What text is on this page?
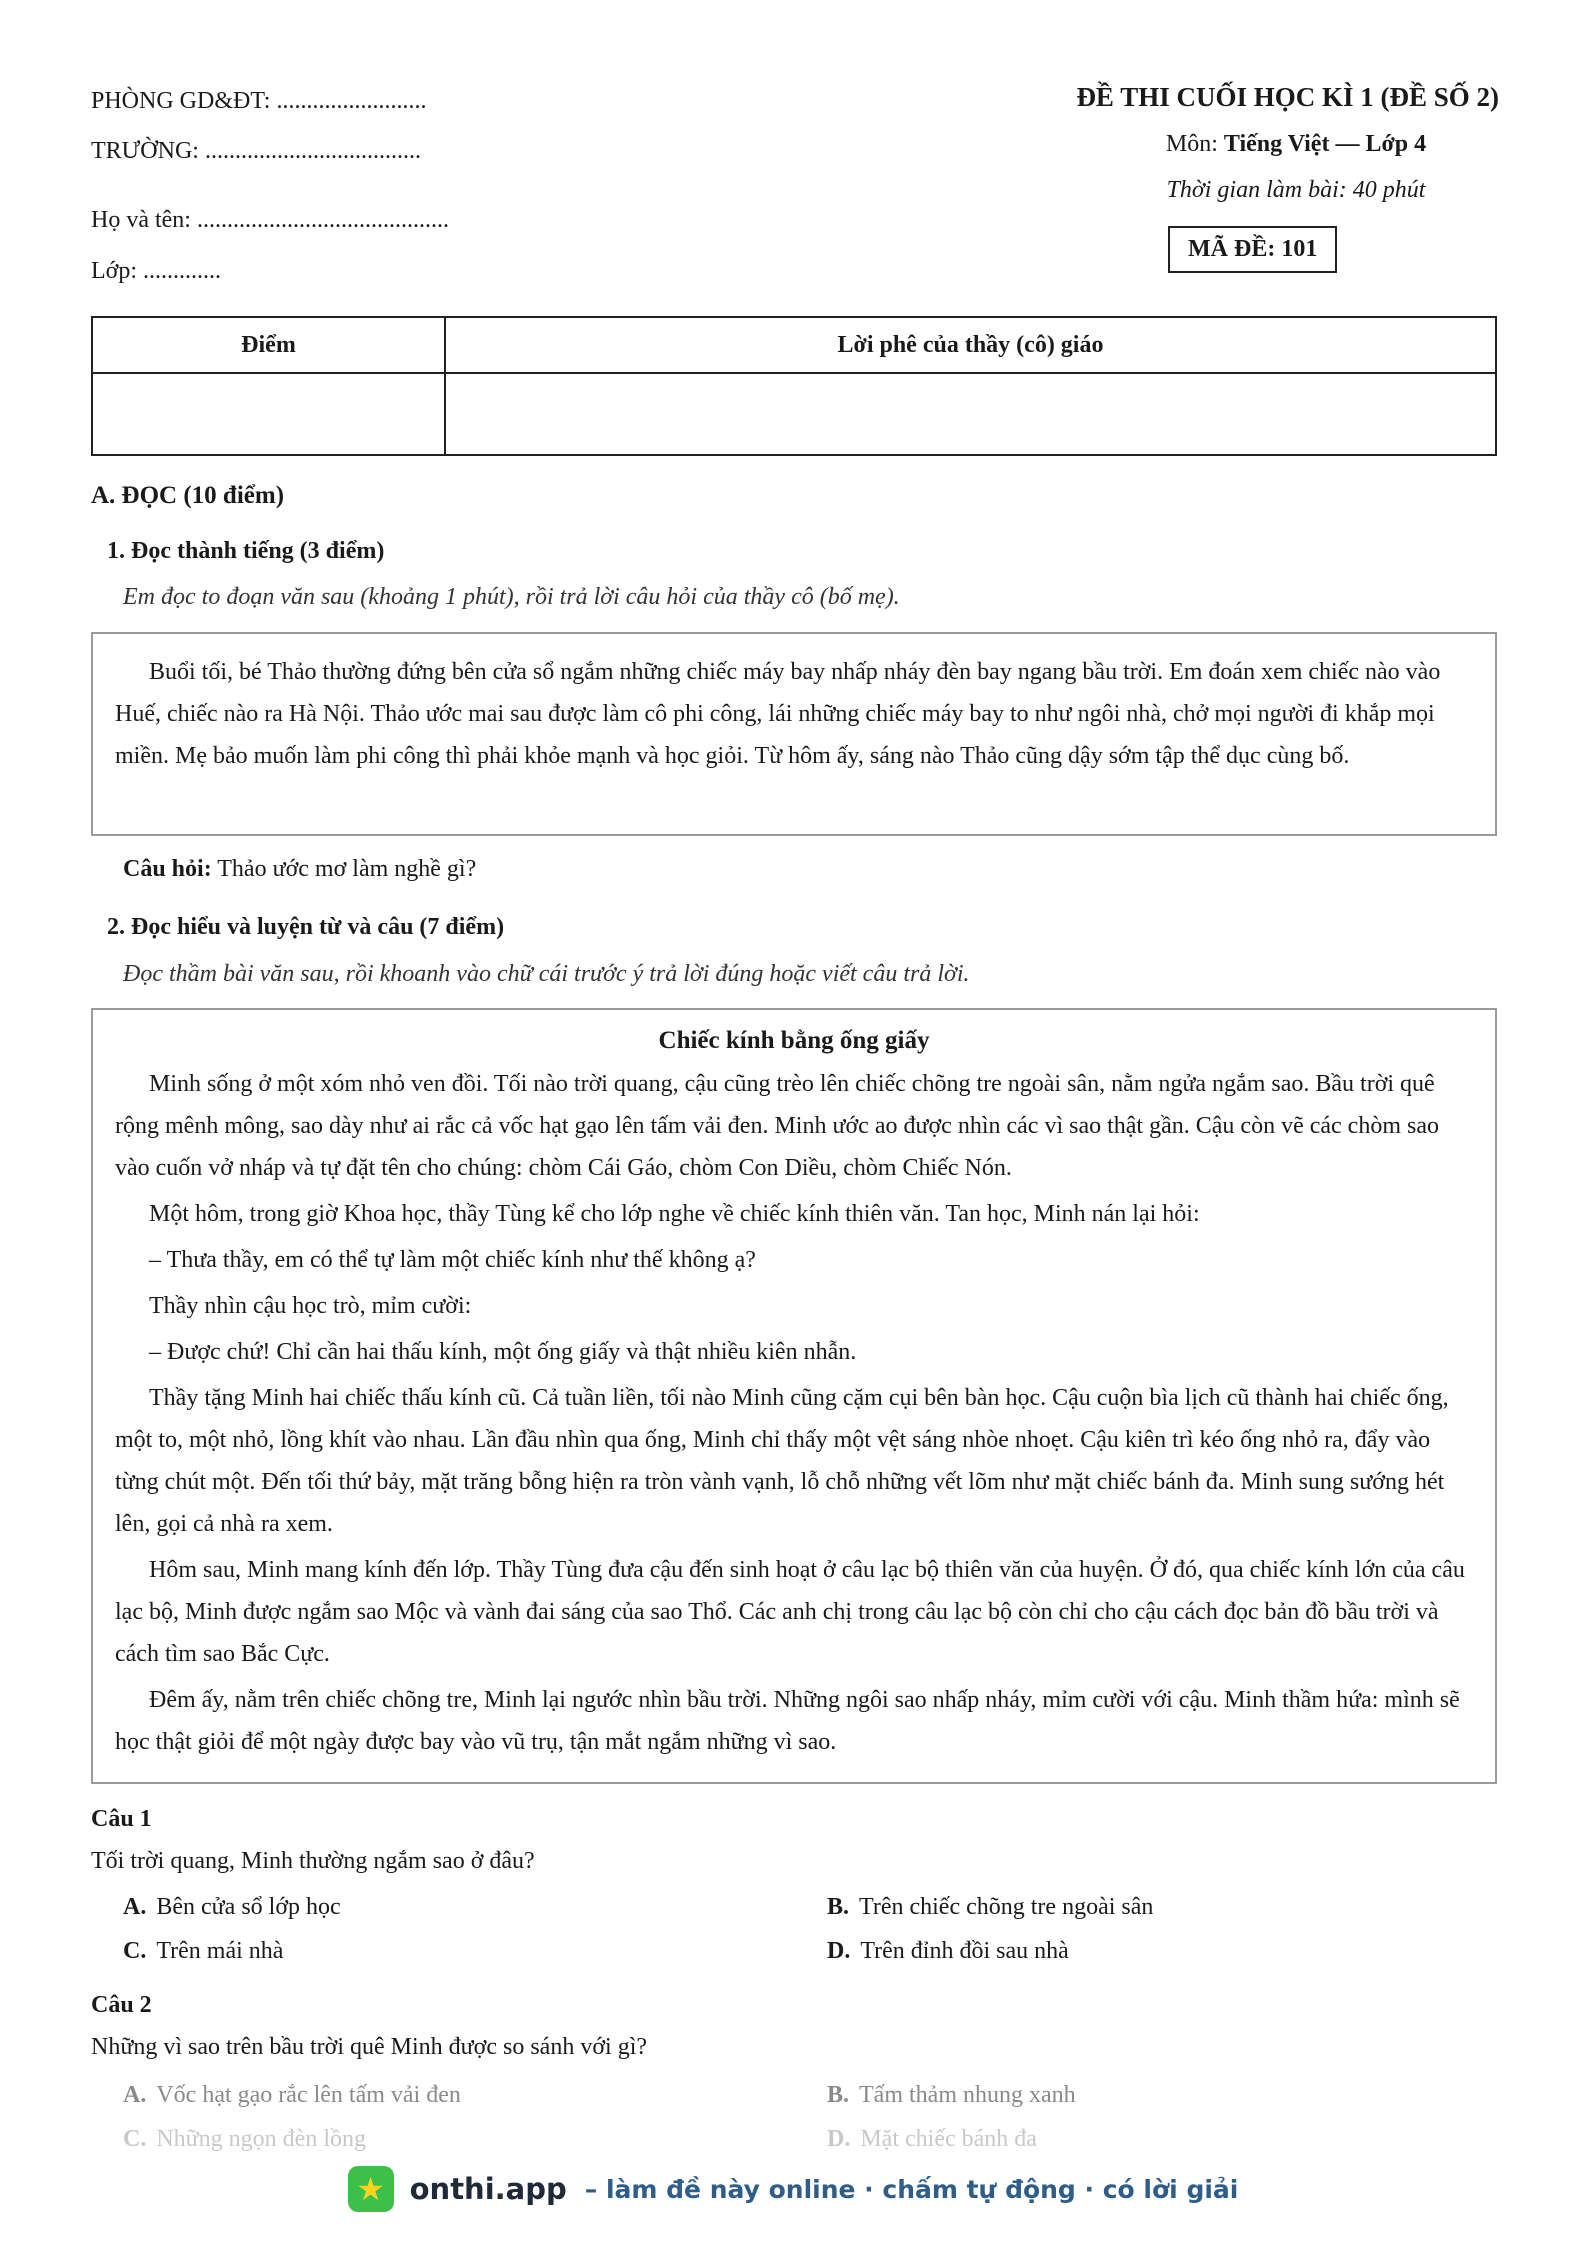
PHÒNG GD&ĐT: .........................
TRƯỜNG: ....................................
Họ và tên: ..........................................
Lớp: .............
ĐỀ THI CUỐI HỌC KÌ 1 (ĐỀ SỐ 2)
Môn: Tiếng Việt — Lớp 4
Thời gian làm bài: 40 phút
MÃ ĐỀ: 101
Điểm	Lời phê của thầy (cô) giáo

A. ĐỌC (10 điểm)
1. Đọc thành tiếng (3 điểm)
Em đọc to đoạn văn sau (khoảng 1 phút), rồi trả lời câu hỏi của thầy cô (bố mẹ).

Buổi tối, bé Thảo thường đứng bên cửa sổ ngắm những chiếc máy bay nhấp nháy đèn bay ngang bầu trời. Em đoán xem chiếc nào vào Huế, chiếc nào ra Hà Nội. Thảo ước mai sau được làm cô phi công, lái những chiếc máy bay to như ngôi nhà, chở mọi người đi khắp mọi miền. Mẹ bảo muốn làm phi công thì phải khỏe mạnh và học giỏi. Từ hôm ấy, sáng nào Thảo cũng dậy sớm tập thể dục cùng bố.

Câu hỏi: Thảo ước mơ làm nghề gì?
2. Đọc hiểu và luyện từ và câu (7 điểm)
Đọc thầm bài văn sau, rồi khoanh vào chữ cái trước ý trả lời đúng hoặc viết câu trả lời.
Chiếc kính bằng ống giấy

Minh sống ở một xóm nhỏ ven đồi. Tối nào trời quang, cậu cũng trèo lên chiếc chõng tre ngoài sân, nằm ngửa ngắm sao. Bầu trời quê rộng mênh mông, sao dày như ai rắc cả vốc hạt gạo lên tấm vải đen. Minh ước ao được nhìn các vì sao thật gần. Cậu còn vẽ các chòm sao vào cuốn vở nháp và tự đặt tên cho chúng: chòm Cái Gáo, chòm Con Diều, chòm Chiếc Nón.

Một hôm, trong giờ Khoa học, thầy Tùng kể cho lớp nghe về chiếc kính thiên văn. Tan học, Minh nán lại hỏi:

– Thưa thầy, em có thể tự làm một chiếc kính như thế không ạ?

Thầy nhìn cậu học trò, mỉm cười:

– Được chứ! Chỉ cần hai thấu kính, một ống giấy và thật nhiều kiên nhẫn.

Thầy tặng Minh hai chiếc thấu kính cũ. Cả tuần liền, tối nào Minh cũng cặm cụi bên bàn học. Cậu cuộn bìa lịch cũ thành hai chiếc ống, một to, một nhỏ, lồng khít vào nhau. Lần đầu nhìn qua ống, Minh chỉ thấy một vệt sáng nhòe nhoẹt. Cậu kiên trì kéo ống nhỏ ra, đẩy vào từng chút một. Đến tối thứ bảy, mặt trăng bỗng hiện ra tròn vành vạnh, lỗ chỗ những vết lõm như mặt chiếc bánh đa. Minh sung sướng hét lên, gọi cả nhà ra xem.

Hôm sau, Minh mang kính đến lớp. Thầy Tùng đưa cậu đến sinh hoạt ở câu lạc bộ thiên văn của huyện. Ở đó, qua chiếc kính lớn của câu lạc bộ, Minh được ngắm sao Mộc và vành đai sáng của sao Thổ. Các anh chị trong câu lạc bộ còn chỉ cho cậu cách đọc bản đồ bầu trời và cách tìm sao Bắc Cực.

Đêm ấy, nằm trên chiếc chõng tre, Minh lại ngước nhìn bầu trời. Những ngôi sao nhấp nháy, mỉm cười với cậu. Minh thầm hứa: mình sẽ học thật giỏi để một ngày được bay vào vũ trụ, tận mắt ngắm những vì sao.

Câu 1
Tối trời quang, Minh thường ngắm sao ở đâu?
A. Bên cửa sổ lớp học	B. Trên chiếc chõng tre ngoài sân
C. Trên mái nhà	D. Trên đỉnh đồi sau nhà
Câu 2
Những vì sao trên bầu trời quê Minh được so sánh với gì?
A. Vốc hạt gạo rắc lên tấm vải đen	B. Tấm thảm nhung xanh
C. Những ngọn đèn lồng	D. Mặt chiếc bánh đa
★ onthi.app – làm đề này online · chấm tự động · có lời giải
